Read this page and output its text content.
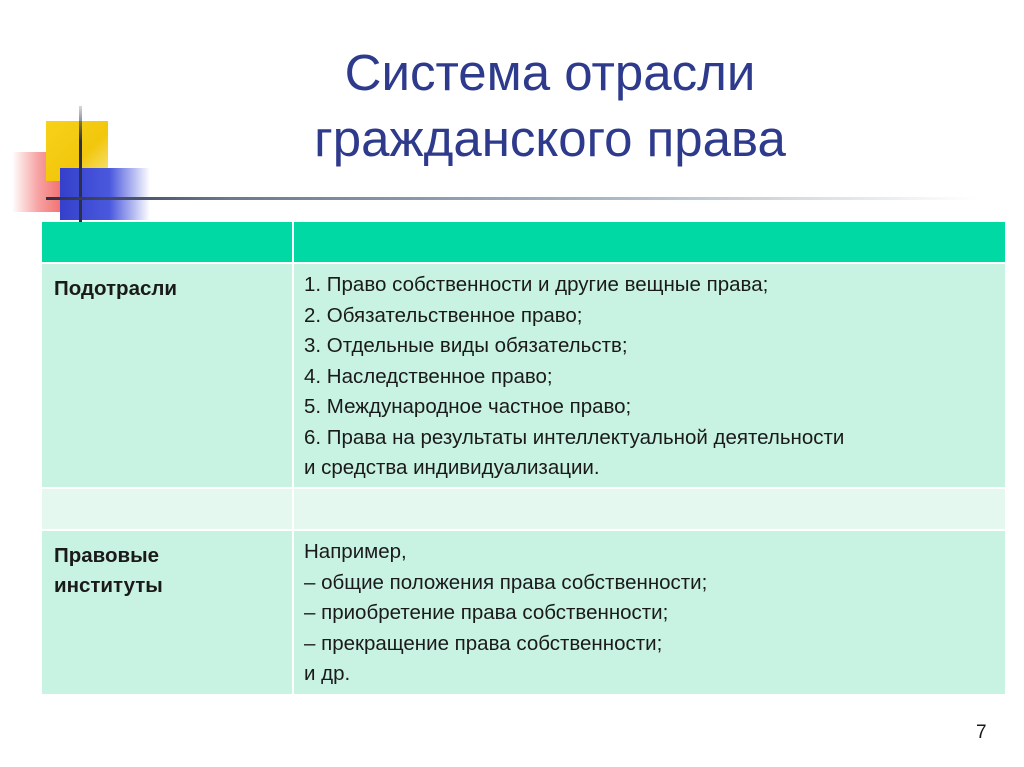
Система отрасли
гражданского права
Подотрасли	1. Право собственности и другие вещные права;
2. Обязательственное право;
3. Отдельные виды обязательств;
4. Наследственное право;
5. Международное частное право;
6. Права на результаты интеллектуальной деятельности
и средства индивидуализации.
Правовые
институты
Например,
– общие положения права собственности;
– приобретение права собственности;
– прекращение права собственности;
и др.
7
